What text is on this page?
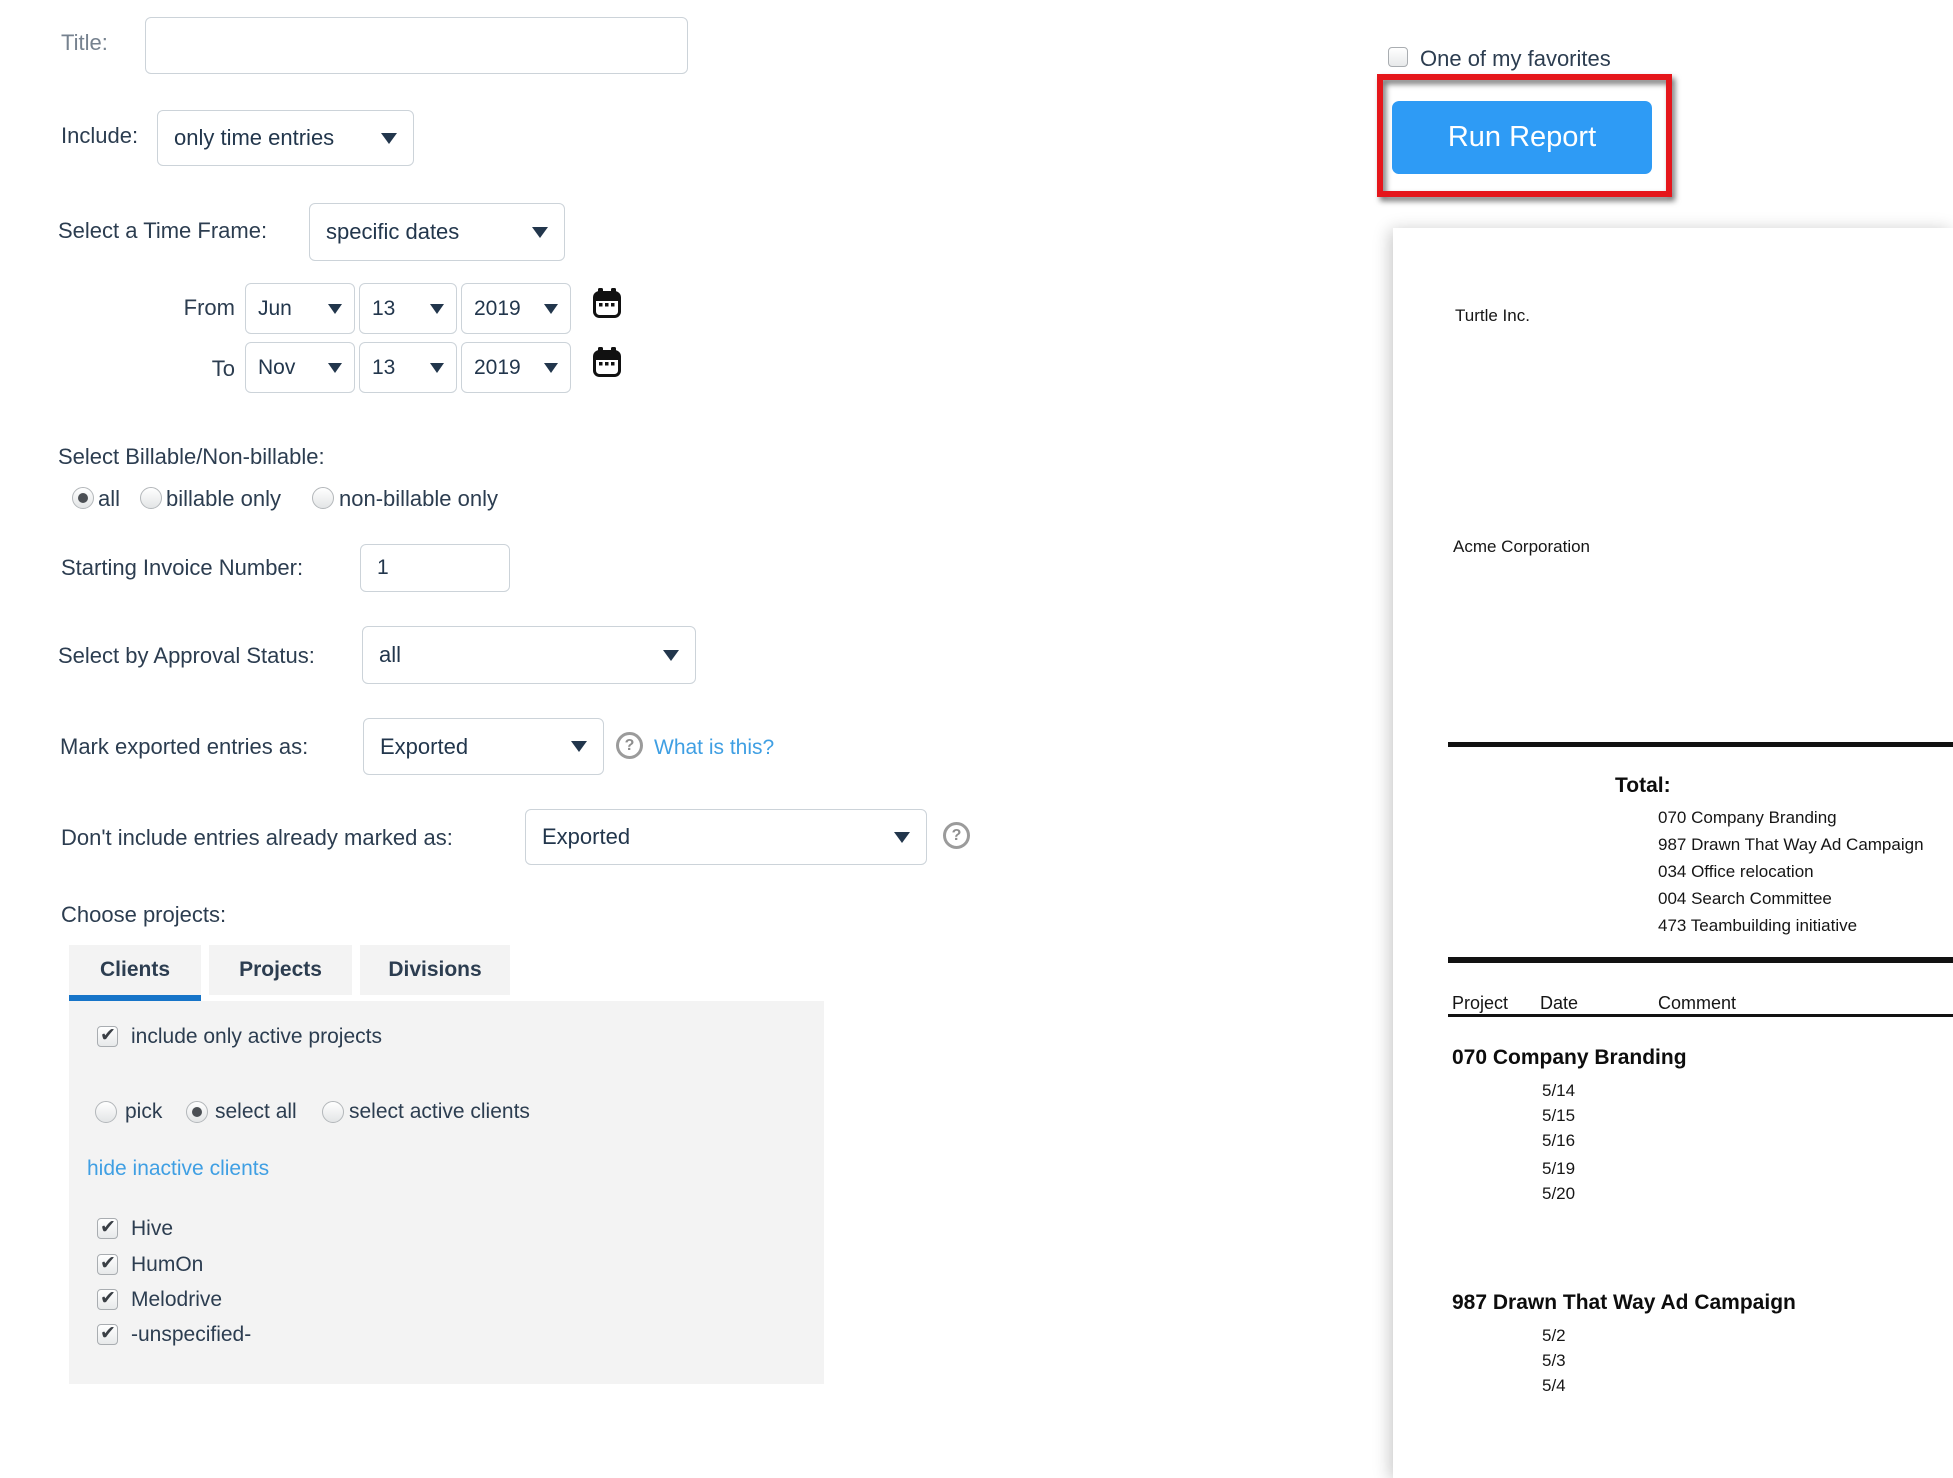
Title:
Include: only time entries
Select a Time Frame:	specific dates
From Jun	13	2019
To Nov	13	2019
Select Billable/Non-billable:
all billable only	non-billable only
Starting Invoice Number:	1
Select by Approval Status:	all
Mark exported entries as:	Exported	? What is this?
Don't include entries already marked as:	Exported	?
Choose projects:
Clients	Projects	Divisions
✔
include only active projects
pick	select all select active clients
hide inactive clients
✔
Hive
✔
HumOn
✔
Melodrive
✔
-unspecified-
One of my favorites
Run Report
Turtle Inc.
Acme Corporation
Total:
070 Company Branding
987 Drawn That Way Ad Campaign
034 Office relocation
004 Search Committee
473 Teambuilding initiative
Project Date	Comment
070 Company Branding
5/14
5/15
5/16
5/19
5/20
987 Drawn That Way Ad Campaign
5/2
5/3
5/4
